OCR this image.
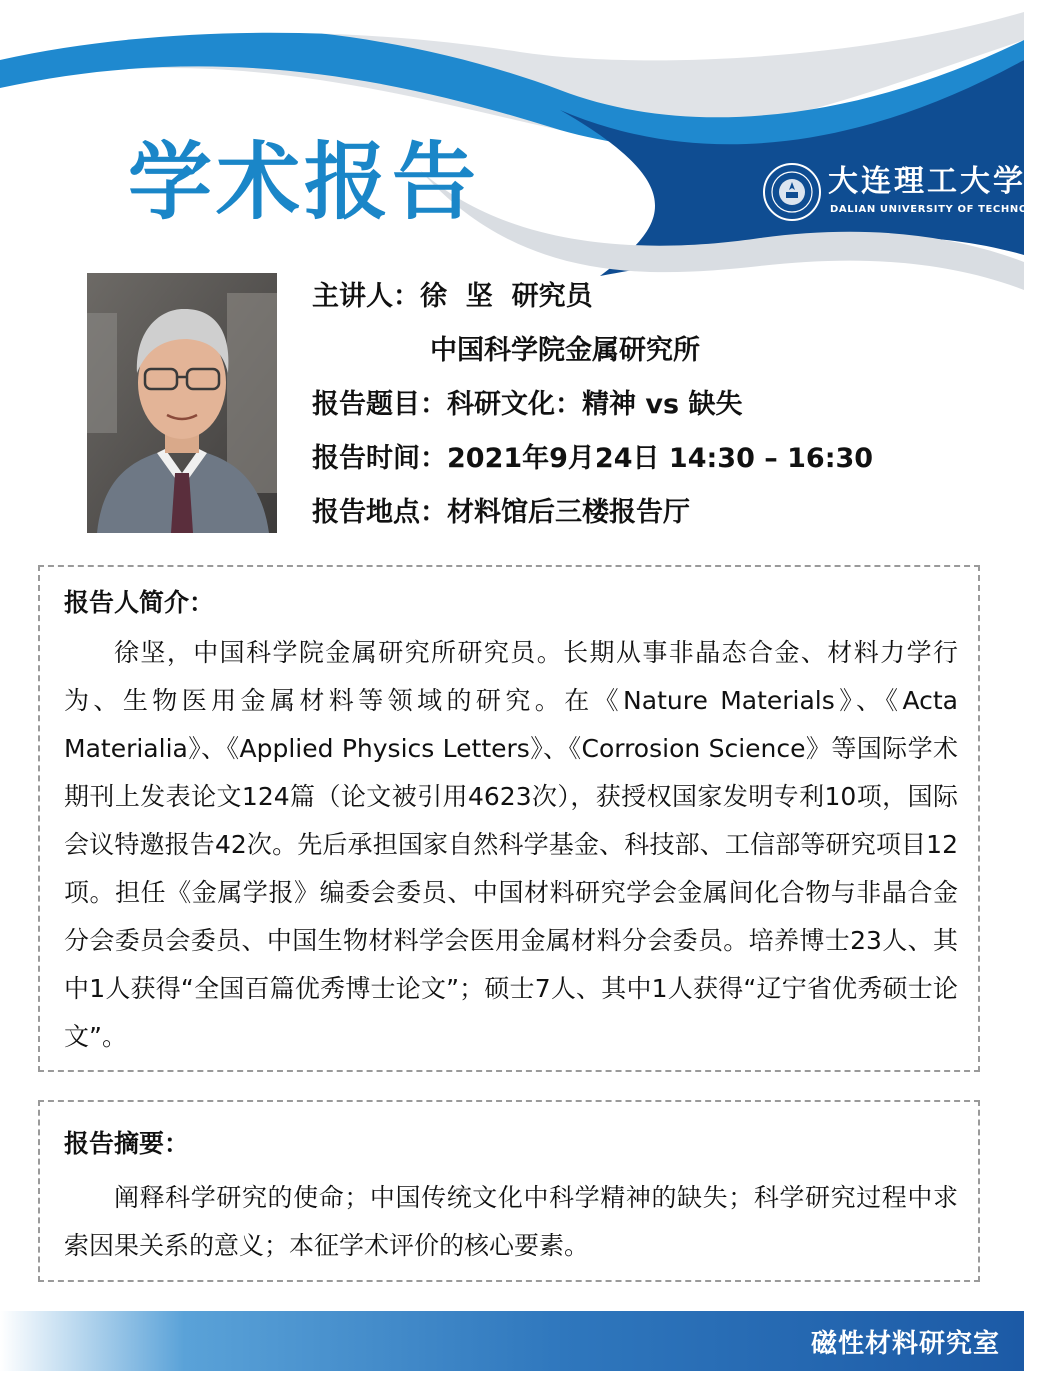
学术报告	大连理工大学
DALIAN UNIVERSITY OF TECHNOLOGY
主讲人：徐  坚  研究员
中国科学院金属研究所
报告题目：科研文化：精神 vs 缺失
报告时间：2021年9月24日 14:30 – 16:30
报告地点：材料馆后三楼报告厅
报告人简介：

徐坚，中国科学院金属研究所研究员。长期从事非晶态合金、材料力学行为、生物医用金属材料等领域的研究。在《Nature Materials》、《Acta Materialia》、《Applied Physics Letters》、《Corrosion Science》等国际学术期刊上发表论文124篇（论文被引用4623次），获授权国家发明专利10项，国际会议特邀报告42次。先后承担国家自然科学基金、科技部、工信部等研究项目12项。担任《金属学报》编委会委员、中国材料研究学会金属间化合物与非晶合金分会委员会委员、中国生物材料学会医用金属材料分会委员。培养博士23人、其中1人获得“全国百篇优秀博士论文”；硕士7人、其中1人获得“辽宁省优秀硕士论文”。

报告摘要：

阐释科学研究的使命；中国传统文化中科学精神的缺失；科学研究过程中求索因果关系的意义；本征学术评价的核心要素。

磁性材料研究室
